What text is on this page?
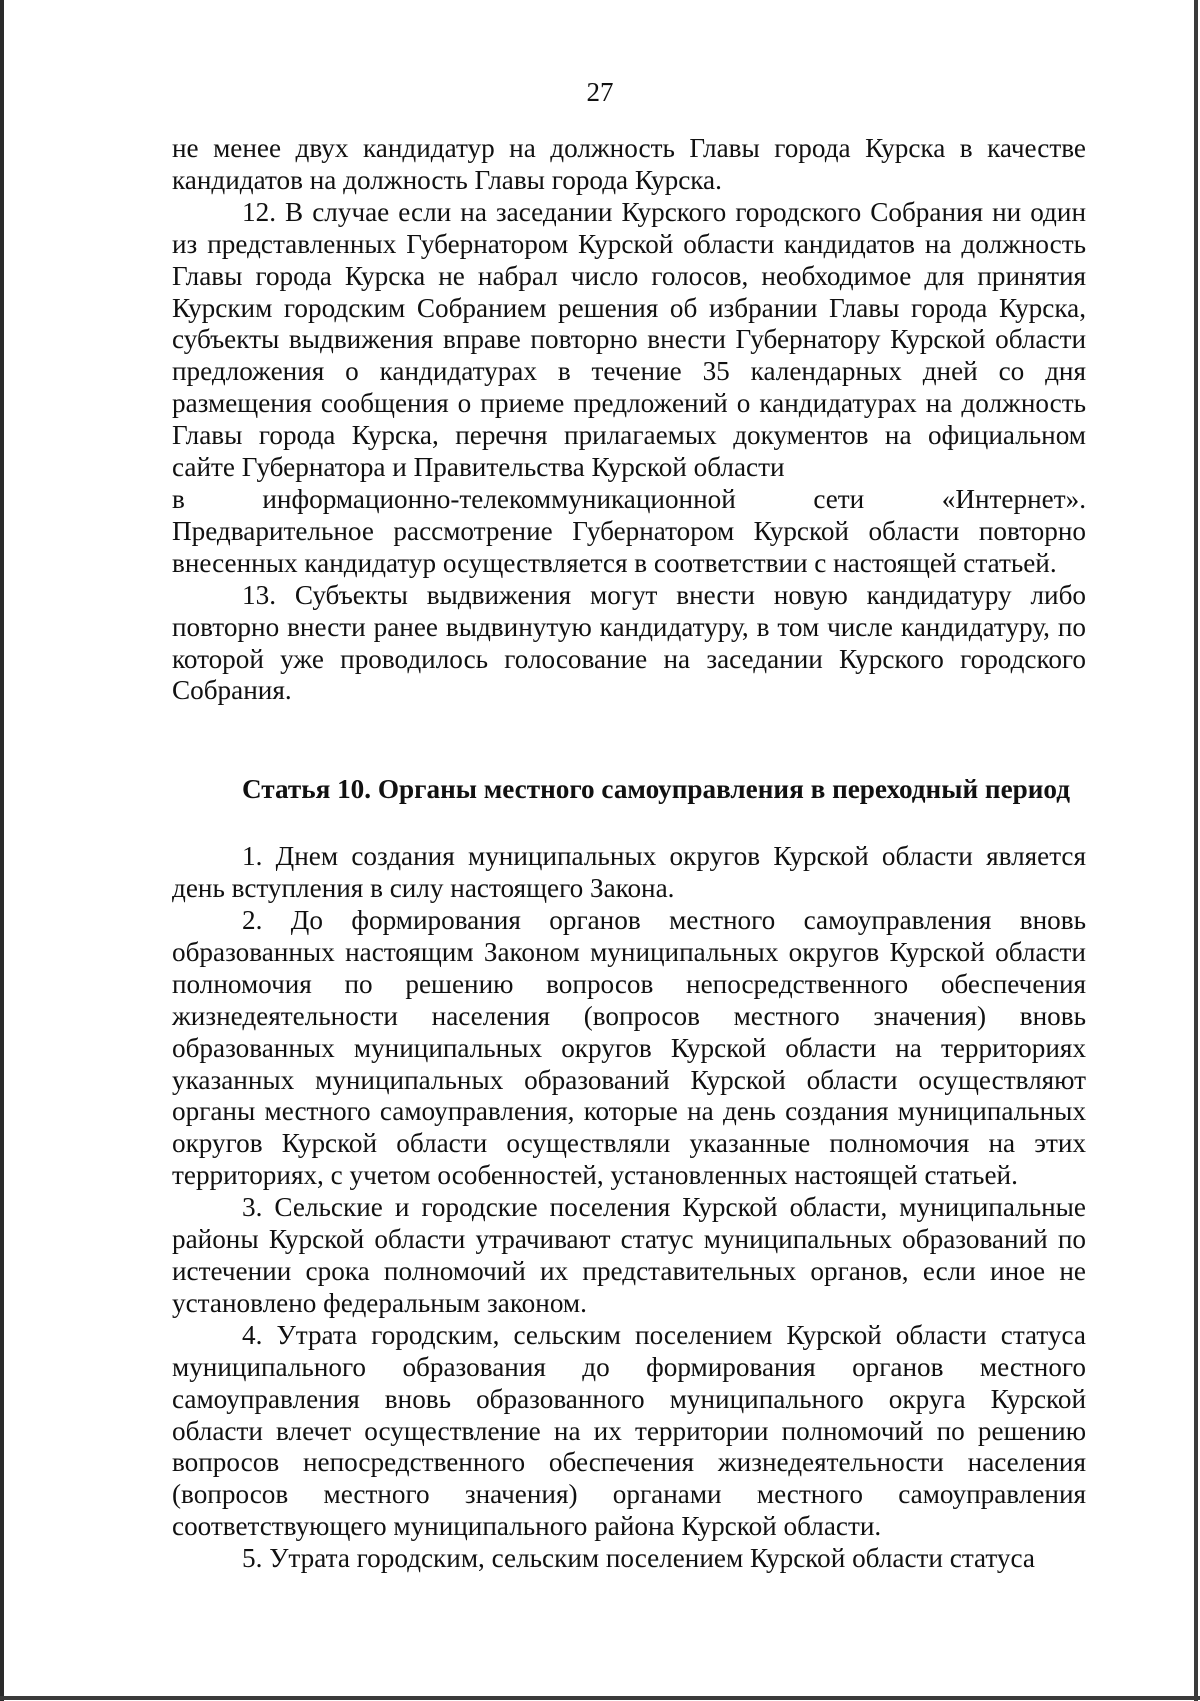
27

не менее двух кандидатур на должность Главы города Курска в качестве кандидатов на должность Главы города Курска.

12. В случае если на заседании Курского городского Собрания ни один из представленных Губернатором Курской области кандидатов на должность Главы города Курска не набрал число голосов, необходимое для принятия Курским городским Собранием решения об избрании Главы города Курска, субъекты выдвижения вправе повторно внести Губернатору Курской области предложения о кандидатурах в течение 35 календарных дней со дня размещения сообщения о приеме предложений о кандидатурах на должность Главы города Курска, перечня прилагаемых документов на официальном сайте Губернатора и Правительства Курской области

в информационно-телекоммуникационной сети «Интернет».

Предварительное рассмотрение Губернатором Курской области повторно внесенных кандидатур осуществляется в соответствии с настоящей статьей.

13. Субъекты выдвижения могут внести новую кандидатуру либо повторно внести ранее выдвинутую кандидатуру, в том числе кандидатуру, по которой уже проводилось голосование на заседании Курского городского Собрания.

Статья 10. Органы местного самоуправления в переходный период

1. Днем создания муниципальных округов Курской области является день вступления в силу настоящего Закона.

2. До формирования органов местного самоуправления вновь образованных настоящим Законом муниципальных округов Курской области полномочия по решению вопросов непосредственного обеспечения жизнедеятельности населения (вопросов местного значения) вновь образованных муниципальных округов Курской области на территориях указанных муниципальных образований Курской области осуществляют органы местного самоуправления, которые на день создания муниципальных округов Курской области осуществляли указанные полномочия на этих территориях, с учетом особенностей, установленных настоящей статьей.

3. Сельские и городские поселения Курской области, муниципальные районы Курской области утрачивают статус муниципальных образований по истечении срока полномочий их представительных органов, если иное не установлено федеральным законом.

4. Утрата городским, сельским поселением Курской области статуса муниципального образования до формирования органов местного самоуправления вновь образованного муниципального округа Курской области влечет осуществление на их территории полномочий по решению вопросов непосредственного обеспечения жизнедеятельности населения (вопросов местного значения) органами местного самоуправления соответствующего муниципального района Курской области.

5. Утрата городским, сельским поселением Курской области статуса
